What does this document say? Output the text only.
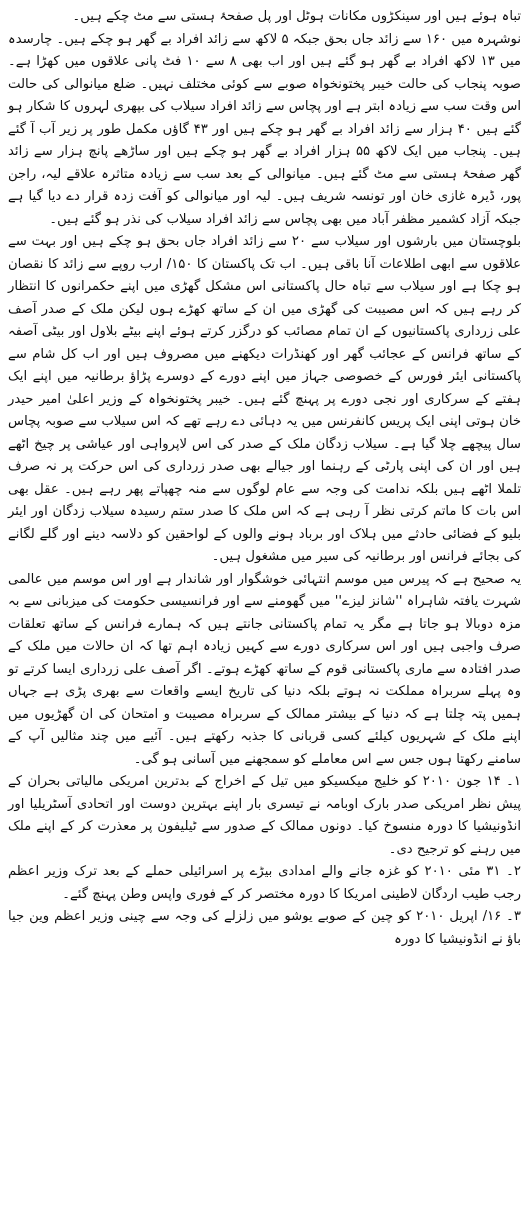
تباہ ہوئے ہیں اور سینکڑوں مکانات ہوٹل اور پل صفحۂ ہستی سے مٹ چکے ہیں۔

نوشہرہ میں ۱۶۰ سے زائد جاں بحق جبکہ ۵ لاکھ سے زائد افراد بے گھر ہو چکے ہیں۔ چارسدہ میں ۱۳ لاکھ افراد بے گھر ہو گئے ہیں اور اب بھی ۸ سے ۱۰ فٹ پانی علاقوں میں کھڑا ہے۔ صوبہ پنجاب کی حالت خیبر پختونخواہ صوبے سے کوئی مختلف نہیں۔ ضلع میانوالی کی حالت اس وقت سب سے زیادہ ابتر ہے اور پچاس سے زائد افراد سیلاب کی بپھری لہروں کا شکار ہو گئے ہیں ۴۰ ہزار سے زائد افراد بے گھر ہو چکے ہیں اور ۴۳ گاؤں مکمل طور پر زیر آب آ گئے ہیں۔ پنجاب میں ایک لاکھ ۵۵ ہزار افراد بے گھر ہو چکے ہیں اور ساڑھے پانچ ہزار سے زائد گھر صفحۂ ہستی سے مٹ گئے ہیں۔ میانوالی کے بعد سب سے زیادہ متاثرہ علاقے لیہ، راجن پور، ڈیرہ غازی خان اور تونسہ شریف ہیں۔ لیہ اور میانوالی کو آفت زدہ قرار دے دیا گیا ہے جبکہ آزاد کشمیر مظفر آباد میں بھی پچاس سے زائد افراد سیلاب کی نذر ہو گئے ہیں۔

بلوچستان میں بارشوں اور سیلاب سے ۲۰ سے زائد افراد جاں بحق ہو چکے ہیں اور بہت سے علاقوں سے ابھی اطلاعات آنا باقی ہیں۔ اب تک پاکستان کا ۱۵۰/ ارب روپے سے زائد کا نقصان ہو چکا ہے اور سیلاب سے تباہ حال پاکستانی اس مشکل گھڑی میں اپنے حکمرانوں کا انتظار کر رہے ہیں کہ اس مصیبت کی گھڑی میں ان کے ساتھ کھڑے ہوں لیکن ملک کے صدر آصف علی زرداری پاکستانیوں کے ان تمام مصائب کو درگزر کرتے ہوئے اپنے بیٹے بلاول اور بیٹی آصفہ کے ساتھ فرانس کے عجائب گھر اور کھنڈرات دیکھنے میں مصروف ہیں اور اب کل شام سے پاکستانی ایئر فورس کے خصوصی جہاز میں اپنے دورے کے دوسرے پڑاؤ برطانیہ میں اپنے ایک ہفتے کے سرکاری اور نجی دورے پر پہنچ گئے ہیں۔ خیبر پختونخواہ کے وزیر اعلیٰ امیر حیدر خان ہوتی اپنی ایک پریس کانفرنس میں یہ دہائی دے رہے تھے کہ اس سیلاب سے صوبہ پچاس سال پیچھے چلا گیا ہے۔ سیلاب زدگان ملک کے صدر کی اس لاپرواہی اور عیاشی پر چیخ اٹھے ہیں اور ان کی اپنی پارٹی کے رہنما اور جیالے بھی صدر زرداری کی اس حرکت پر نہ صرف تلملا اٹھے ہیں بلکہ ندامت کی وجہ سے عام لوگوں سے منہ چھپاتے پھر رہے ہیں۔ عقل بھی اس بات کا ماتم کرتی نظر آ رہی ہے کہ اس ملک کا صدر ستم رسیدہ سیلاب زدگان اور ایئر بلیو کے فضائی حادثے میں ہلاک اور برباد ہونے والوں کے لواحقین کو دلاسہ دینے اور گلے لگانے کی بجائے فرانس اور برطانیہ کی سیر میں مشغول ہیں۔

یہ صحیح ہے کہ پیرس میں موسم انتہائی خوشگوار اور شاندار ہے اور اس موسم میں عالمی شہرت یافتہ شاہراہ ''شانز لیزے'' میں گھومنے سے اور فرانسیسی حکومت کی میزبانی سے بہ مزہ دوبالا ہو جاتا ہے مگر یہ تمام پاکستانی جانتے ہیں کہ ہمارے فرانس کے ساتھ تعلقات صرف واجبی ہیں اور اس سرکاری دورے سے کہیں زیادہ اہم تھا کہ ان حالات میں ملک کے صدر افتادہ سے ماری پاکستانی قوم کے ساتھ کھڑے ہوتے۔ اگر آصف علی زرداری ایسا کرتے تو وہ پہلے سربراہ مملکت نہ ہوتے بلکہ دنیا کی تاریخ ایسے واقعات سے بھری پڑی ہے جہاں ہمیں پتہ چلتا ہے کہ دنیا کے بیشتر ممالک کے سربراہ مصیبت و امتحان کی ان گھڑیوں میں اپنے ملک کے شہریوں کیلئے کسی قربانی کا جذبہ رکھتے ہیں۔ آئیے میں چند مثالیں آپ کے سامنے رکھتا ہوں جس سے اس معاملے کو سمجھنے میں آسانی ہو گی۔

۱۔ ۱۴ جون ۲۰۱۰ کو خلیج میکسیکو میں تیل کے اخراج کے بدترین امریکی مالیاتی بحران کے پیش نظر امریکی صدر بارک اوبامہ نے تیسری بار اپنے بہترین دوست اور اتحادی آسٹریلیا اور انڈونیشیا کا دورہ منسوخ کیا۔ دونوں ممالک کے صدور سے ٹیلیفون پر معذرت کر کے اپنے ملک میں رہنے کو ترجیح دی۔

۲۔ ۳۱ مئی ۲۰۱۰ کو غزہ جانے والے امدادی بیڑے پر اسرائیلی حملے کے بعد ترک وزیر اعظم رجب طیب اردگان لاطینی امریکا کا دورہ مختصر کر کے فوری واپس وطن پہنچ گئے۔

۳۔ ۱۶/ اپریل ۲۰۱۰ کو چین کے صوبے یوشو میں زلزلے کی وجہ سے چینی وزیر اعظم وین جیا باؤ نے انڈونیشیا کا دورہ
